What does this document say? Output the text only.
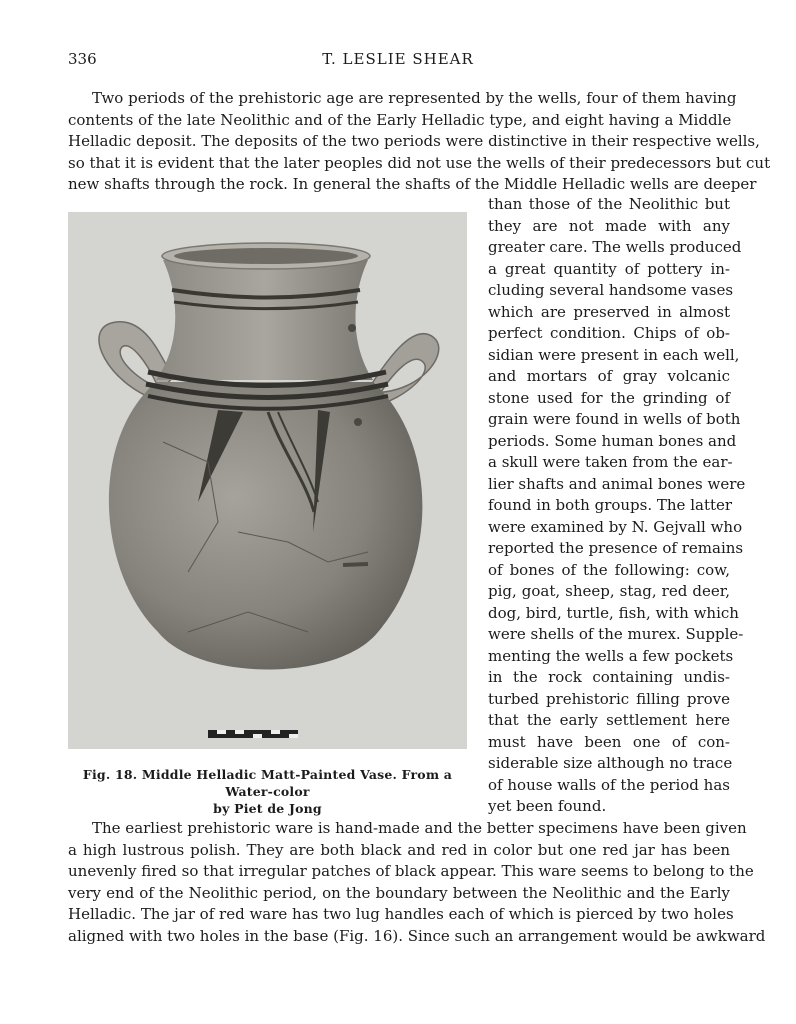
336	T. LESLIE SHEAR
Two periods of the prehistoric age are represented by the wells, four of them having
contents of the late Neolithic and of the Early Helladic type, and eight having a Middle
Helladic deposit. The deposits of the two periods were distinctive in their respective wells,
so that it is evident that the later peoples did not use the wells of their predecessors but cut
new shafts through the rock. In general the shafts of the Middle Helladic wells are deeper
Fig. 18. Middle Helladic Matt-Painted Vase. From a Water-color
by Piet de Jong
than those of the Neolithic but
they are not made with any
greater care. The wells produced
a great quantity of pottery in-
cluding several handsome vases
which are preserved in almost
perfect condition. Chips of ob-
sidian were present in each well,
and mortars of gray volcanic
stone used for the grinding of
grain were found in wells of both
periods. Some human bones and
a skull were taken from the ear-
lier shafts and animal bones were
found in both groups. The latter
were examined by N. Gejvall who
reported the presence of remains
of bones of the following: cow,
pig, goat, sheep, stag, red deer,
dog, bird, turtle, fish, with which
were shells of the murex. Supple-
menting the wells a few pockets
in the rock containing undis-
turbed prehistoric filling prove
that the early settlement here
must have been one of con-
siderable size although no trace
of house walls of the period has
yet been found.
The earliest prehistoric ware is hand-made and the better specimens have been given
a high lustrous polish. They are both black and red in color but one red jar has been
unevenly fired so that irregular patches of black appear. This ware seems to belong to the
very end of the Neolithic period, on the boundary between the Neolithic and the Early
Helladic. The jar of red ware has two lug handles each of which is pierced by two holes
aligned with two holes in the base (Fig. 16). Since such an arrangement would be awkward
